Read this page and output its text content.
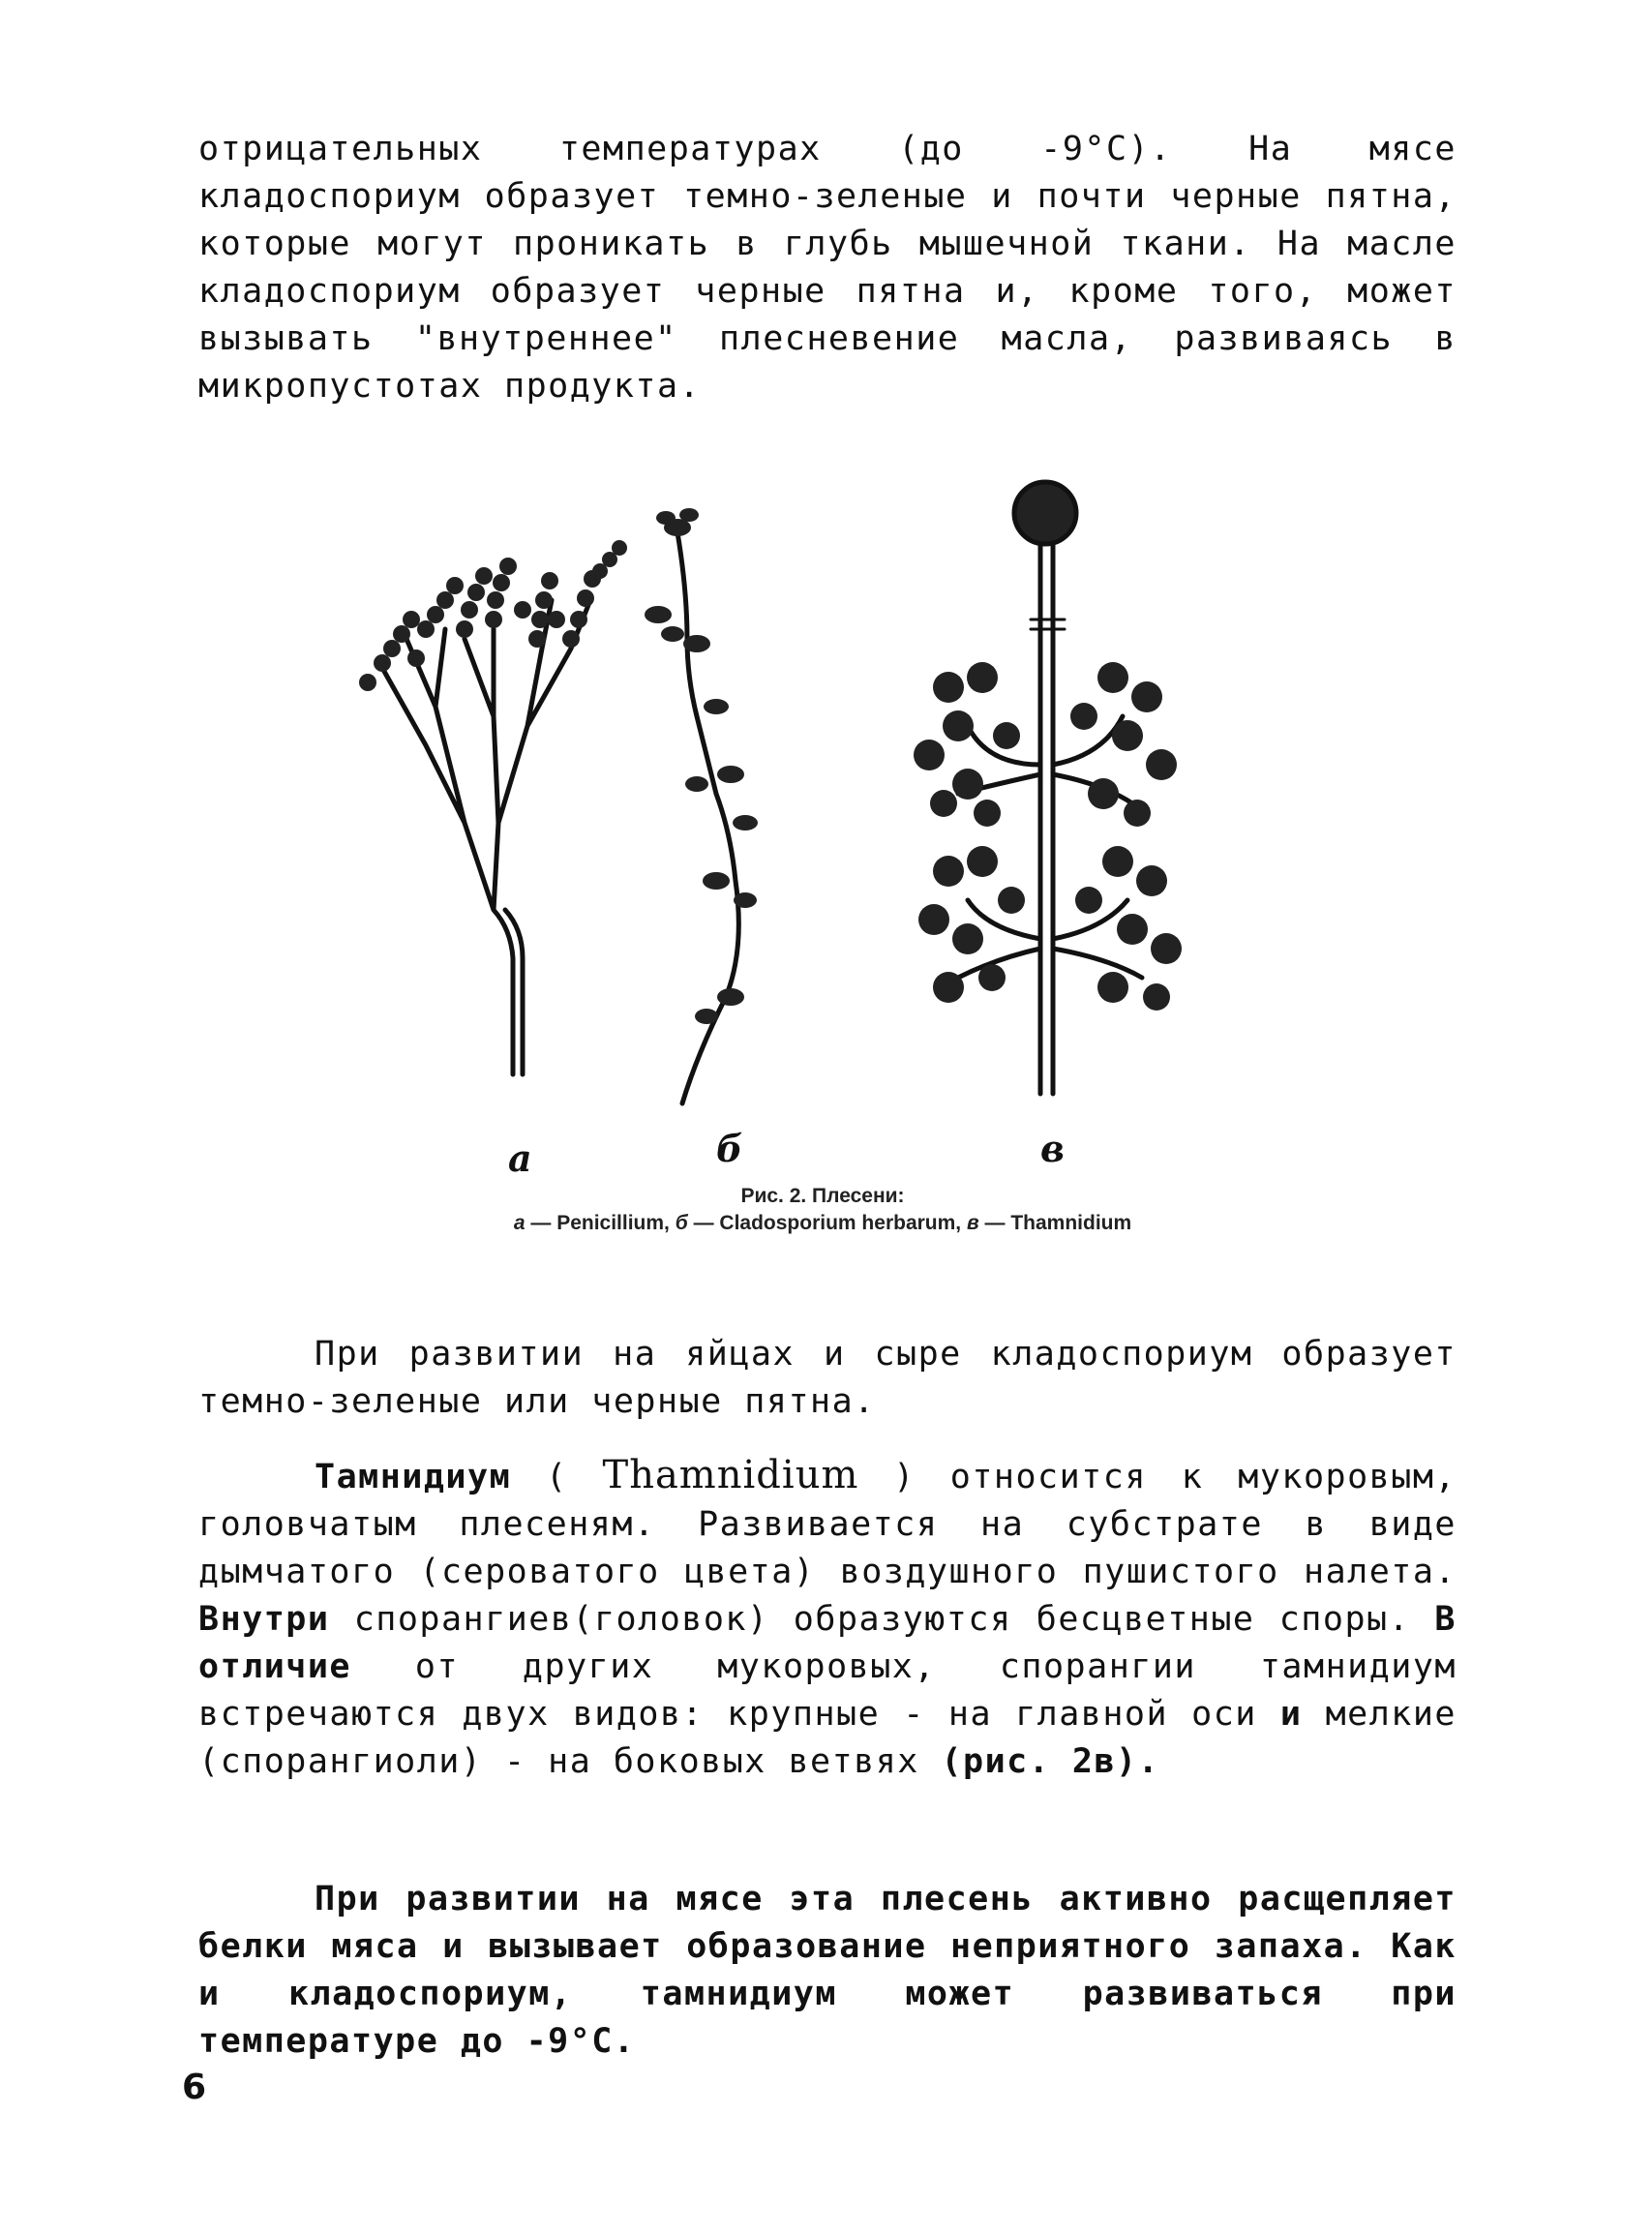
отрицательных температурах (до -9°С). На мясе кладоспориум образует темно-зеленые и почти черные пятна, которые могут проникать в глубь мышечной ткани. На масле кладоспориум образует черные пятна и, кроме того, может вызывать "внутреннее" плесневение масла, развиваясь в микропустотах продукта.

а	б	в
Рис. 2. Плесени:
а — Penicillium, б — Cladosporium herbarum, в — Thamnidium

При развитии на яйцах и сыре кладоспориум образует темно-зеленые или черные пятна.

Тамнидиум ( Thamnidium ) относится к мукоровым, головчатым плесеням. Развивается на субстрате в виде дымчатого (сероватого цвета) воздушного пушистого налета. Внутри спорангиев(головок) образуются бесцветные споры. В отличие от других мукоровых, спорангии тамнидиум встречаются двух видов: крупные - на главной оси и мелкие (спорангиоли) - на боковых ветвях (рис. 2в).

При развитии на мясе эта плесень активно расщепляет белки мяса и вызывает образование неприятного запаха. Как и кладоспориум, тамнидиум может развиваться при температуре до -9°С.

6
